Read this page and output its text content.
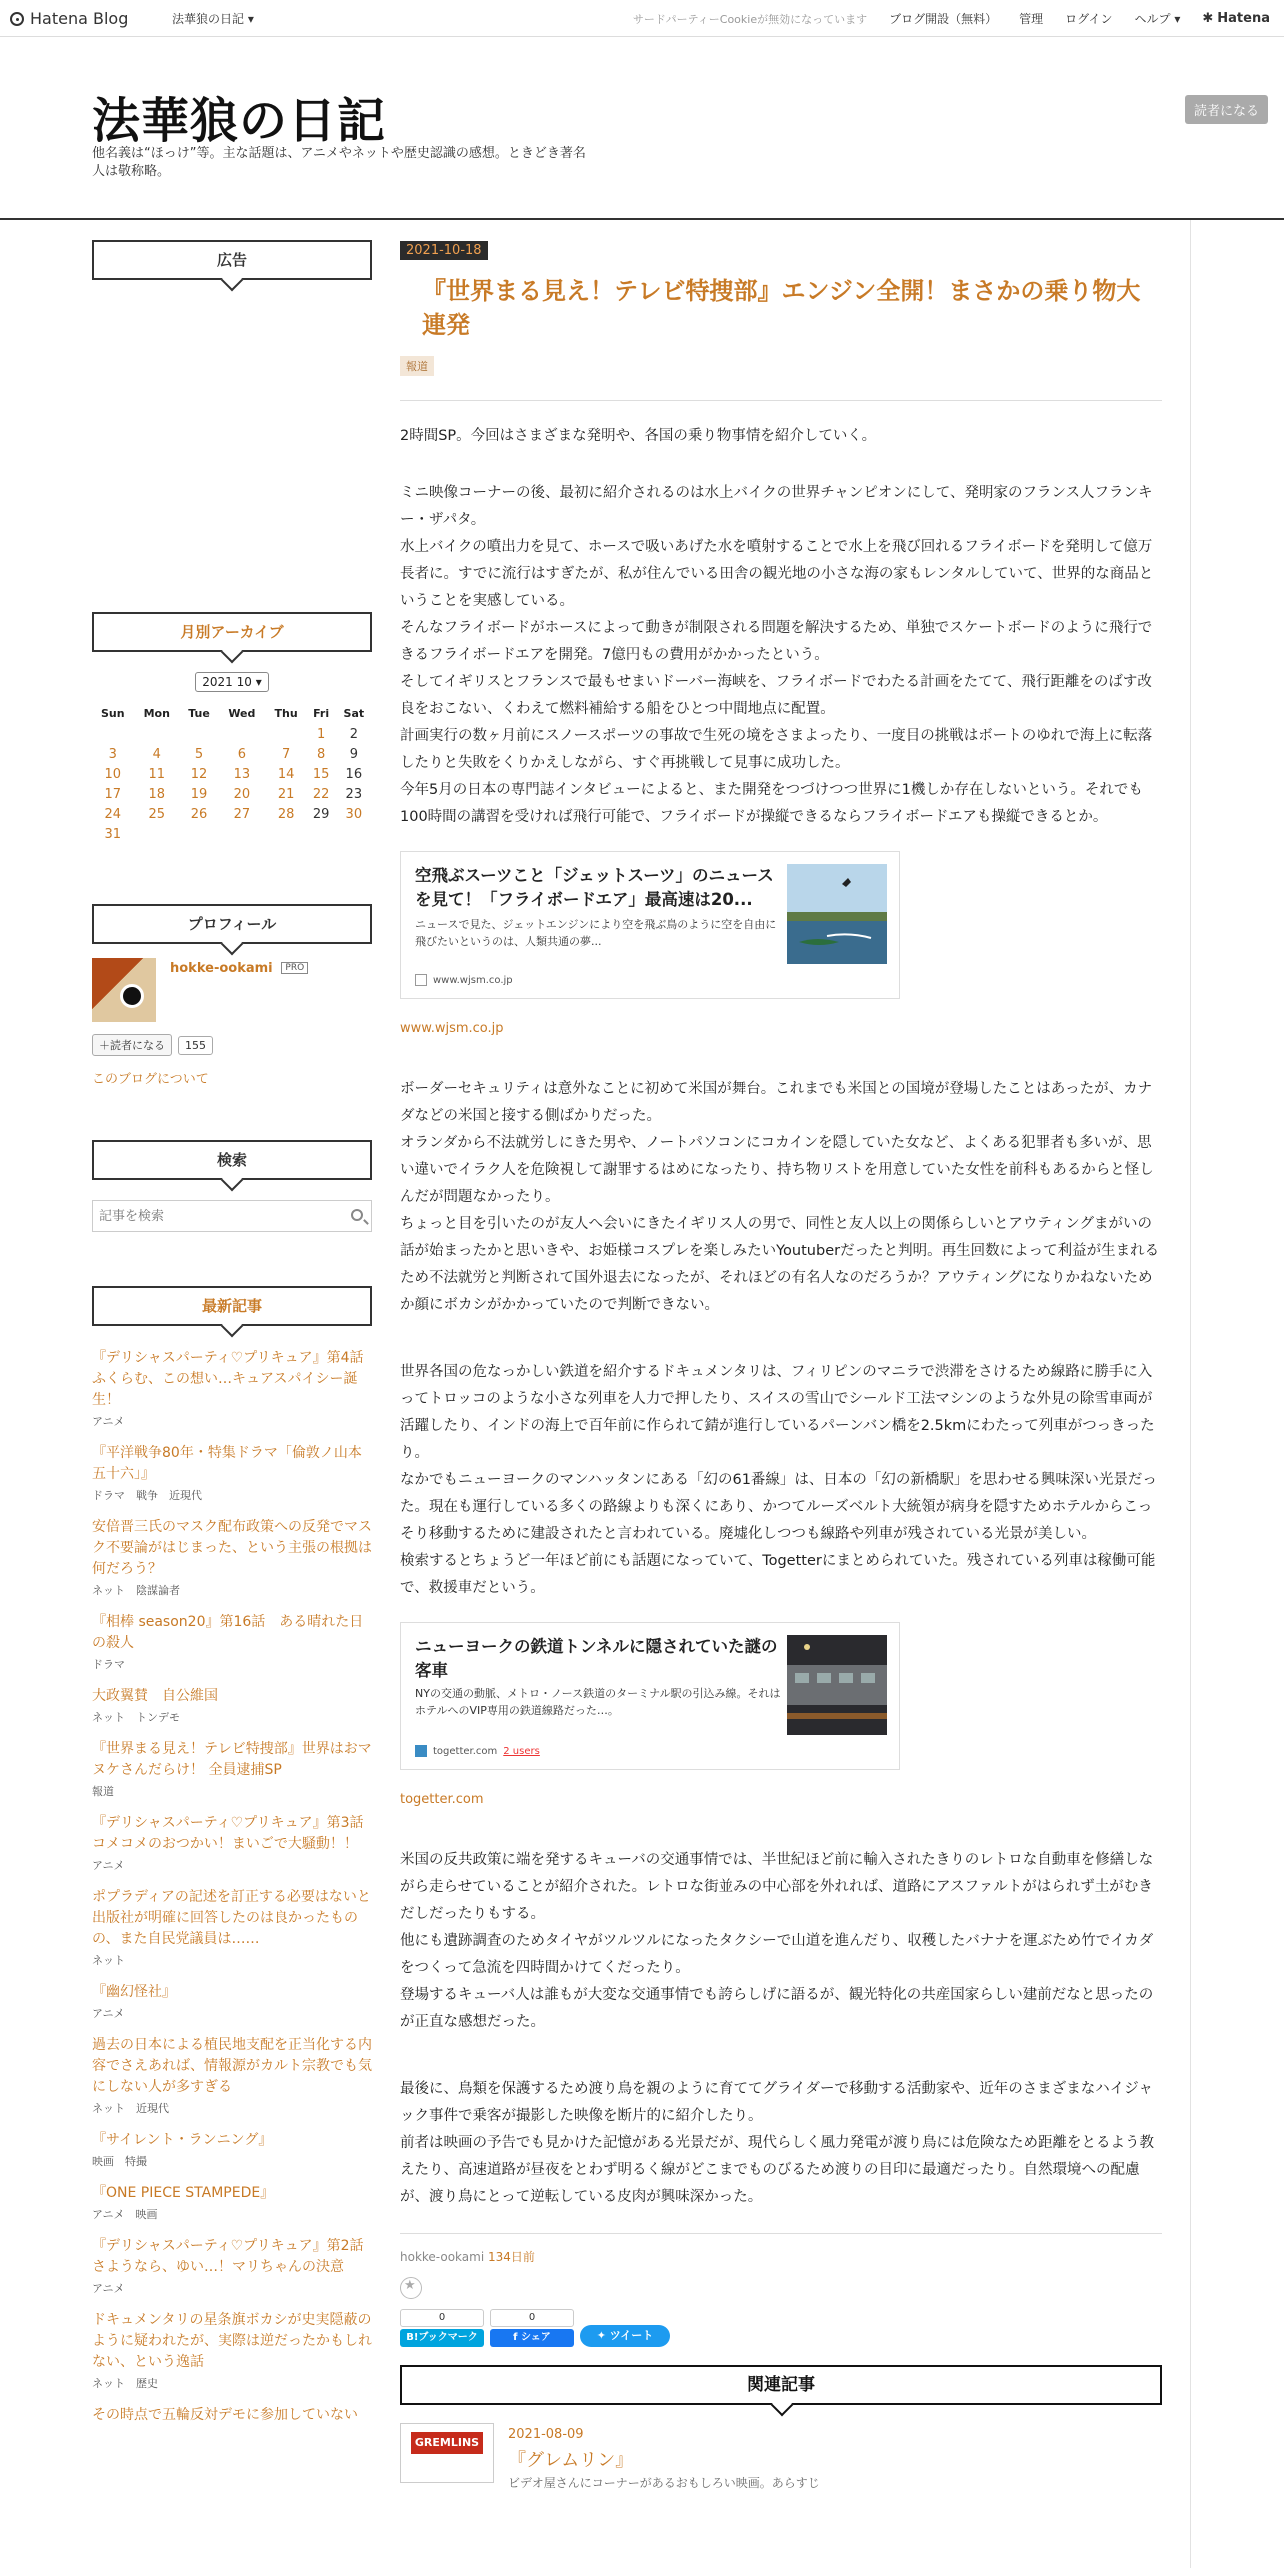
Hatena Blog	法華狼の日記 ▾	サードパーティーCookieが無効になっています ブログ開設（無料） 管理 ログイン ヘルプ ▾ ✱ Hatena
読者になる
法華狼の日記
他名義は“ほっけ”等。主な話題は、アニメやネットや歴史認識の感想。ときどき著名人は敬称略。
広告
月別アーカイブ
2021 10 ▾
Sun	Mon	Tue	Wed	Thu	Fri	Sat
					1	2
3	4	5	6	7	8	9
10	11	12	13	14	15	16
17	18	19	20	21	22	23
24	25	26	27	28	29	30
31						
プロフィール
hokke-ookami PRO
＋読者になる	155
このブログについて
検索
記事を検索
最新記事
『デリシャスパーティ♡プリキュア』第4話　ふくらむ、この想い…キュアスパイシー誕生！
アニメ
『平洋戦争80年・特集ドラマ「倫敦ノ山本五十六」』
ドラマ　戦争　近現代
安倍晋三氏のマスク配布政策への反発でマスク不要論がはじまった、という主張の根拠は何だろう？
ネット　陰謀論者
『相棒 season20』第16話　ある晴れた日の殺人
ドラマ
大政翼賛　自公維国
ネット　トンデモ
『世界まる見え！テレビ特捜部』世界はおマヌケさんだらけ！ 全員逮捕SP
報道
『デリシャスパーティ♡プリキュア』第3話　コメコメのおつかい！まいごで大騒動！！
アニメ
ポプラディアの記述を訂正する必要はないと出版社が明確に回答したのは良かったものの、また自民党議員は……
ネット
『幽幻怪社』
アニメ
過去の日本による植民地支配を正当化する内容でさえあれば、情報源がカルト宗教でも気にしない人が多すぎる
ネット　近現代
『サイレント・ランニング』
映画　特撮
『ONE PIECE STAMPEDE』
アニメ　映画
『デリシャスパーティ♡プリキュア』第2話　さようなら、ゆい…！マリちゃんの決意
アニメ
ドキュメンタリの星条旗ボカシが史実隠蔽のように疑われたが、実際は逆だったかもしれない、という逸話
ネット　歴史
その時点で五輪反対デモに参加していない
2021-10-18
『世界まる見え！テレビ特捜部』エンジン全開！まさかの乗り物大連発
報道
2時間SP。今回はさまざまな発明や、各国の乗り物事情を紹介していく。
ミニ映像コーナーの後、最初に紹介されるのは水上バイクの世界チャンピオンにして、発明家のフランス人フランキー・ザパタ。
水上バイクの噴出力を見て、ホースで吸いあげた水を噴射することで水上を飛び回れるフライボードを発明して億万長者に。すでに流行はすぎたが、私が住んでいる田舎の観光地の小さな海の家もレンタルしていて、世界的な商品ということを実感している。
そんなフライボードがホースによって動きが制限される問題を解決するため、単独でスケートボードのように飛行できるフライボードエアを開発。7億円もの費用がかかったという。
そしてイギリスとフランスで最もせまいドーバー海峡を、フライボードでわたる計画をたてて、飛行距離をのばす改良をおこない、くわえて燃料補給する船をひとつ中間地点に配置。
計画実行の数ヶ月前にスノースポーツの事故で生死の境をさまよったり、一度目の挑戦はボートのゆれで海上に転落したりと失敗をくりかえしながら、すぐ再挑戦して見事に成功した。
今年5月の日本の専門誌インタビューによると、また開発をつづけつつ世界に1機しか存在しないという。それでも100時間の講習を受ければ飛行可能で、フライボードが操縦できるならフライボードエアも操縦できるとか。
空飛ぶスーツこと「ジェットスーツ」のニュースを見て！「フライボードエア」最高速は20...
ニュースで見た、ジェットエンジンにより空を飛ぶ鳥のように空を自由に飛びたいというのは、人類共通の夢...
www.wjsm.co.jp
www.wjsm.co.jp
ボーダーセキュリティは意外なことに初めて米国が舞台。これまでも米国との国境が登場したことはあったが、カナダなどの米国と接する側ばかりだった。
オランダから不法就労しにきた男や、ノートパソコンにコカインを隠していた女など、よくある犯罪者も多いが、思い違いでイラク人を危険視して謝罪するはめになったり、持ち物リストを用意していた女性を前科もあるからと怪しんだが問題なかったり。
ちょっと目を引いたのが友人へ会いにきたイギリス人の男で、同性と友人以上の関係らしいとアウティングまがいの話が始まったかと思いきや、お姫様コスプレを楽しみたいYoutuberだったと判明。再生回数によって利益が生まれるため不法就労と判断されて国外退去になったが、それほどの有名人なのだろうか？アウティングになりかねないためか顔にボカシがかかっていたので判断できない。
世界各国の危なっかしい鉄道を紹介するドキュメンタリは、フィリピンのマニラで渋滞をさけるため線路に勝手に入ってトロッコのような小さな列車を人力で押したり、スイスの雪山でシールド工法マシンのような外見の除雪車両が活躍したり、インドの海上で百年前に作られて錆が進行しているパーンバン橋を2.5kmにわたって列車がつっきったり。
なかでもニューヨークのマンハッタンにある「幻の61番線」は、日本の「幻の新橋駅」を思わせる興味深い光景だった。現在も運行している多くの路線よりも深くにあり、かつてルーズベルト大統領が病身を隠すためホテルからこっそり移動するために建設されたと言われている。廃墟化しつつも線路や列車が残されている光景が美しい。
検索するとちょうど一年ほど前にも話題になっていて、Togetterにまとめられていた。残されている列車は稼働可能で、救援車だという。
ニューヨークの鉄道トンネルに隠されていた謎の客車
NYの交通の動脈、メトロ・ノース鉄道のターミナル駅の引込み線。それはホテルへのVIP専用の鉄道線路だった…。
togetter.com 2 users
togetter.com
米国の反共政策に端を発するキューバの交通事情では、半世紀ほど前に輸入されたきりのレトロな自動車を修繕しながら走らせていることが紹介された。レトロな街並みの中心部を外れれば、道路にアスファルトがはられず土がむきだしだったりもする。
他にも遺跡調査のためタイヤがツルツルになったタクシーで山道を進んだり、収穫したバナナを運ぶため竹でイカダをつくって急流を四時間かけてくだったり。
登場するキューバ人は誰もが大変な交通事情でも誇らしげに語るが、観光特化の共産国家らしい建前だなと思ったのが正直な感想だった。
最後に、鳥類を保護するため渡り鳥を親のように育ててグライダーで移動する活動家や、近年のさまざまなハイジャック事件で乗客が撮影した映像を断片的に紹介したり。
前者は映画の予告でも見かけた記憶がある光景だが、現代らしく風力発電が渡り鳥には危険なため距離をとるよう教えたり、高速道路が昼夜をとわず明るく線がどこまでものびるため渡りの目印に最適だったり。自然環境への配慮が、渡り鳥にとって逆転している皮肉が興味深かった。
hokke-ookami 134日前
★
0
B!ブックマーク
0
f シェア	✦ ツイート
関連記事
GREMLINS
2021-08-09
『グレムリン』
ビデオ屋さんにコーナーがあるおもしろい映画。あらすじ
